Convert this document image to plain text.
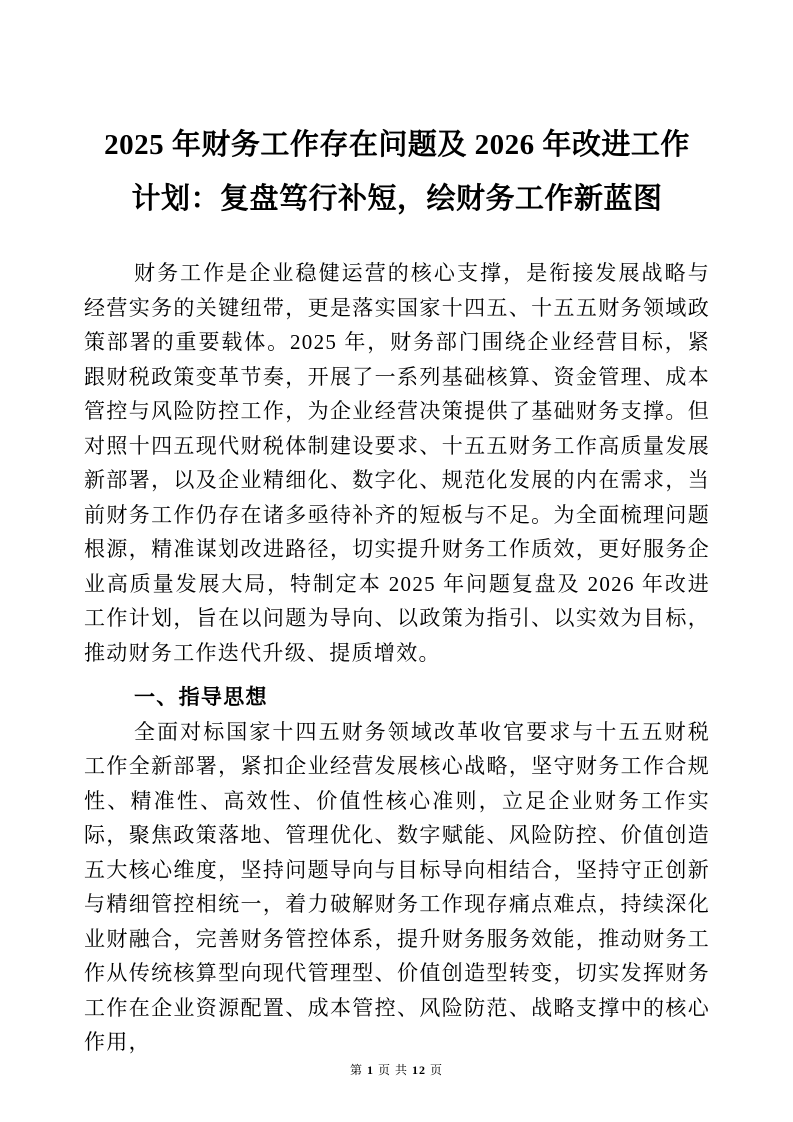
2025 年财务工作存在问题及 2026 年改进工作计划：复盘笃行补短，绘财务工作新蓝图

财务工作是企业稳健运营的核心支撑，是衔接发展战略与经营实务的关键纽带，更是落实国家十四五、十五五财务领域政策部署的重要载体。2025 年，财务部门围绕企业经营目标，紧跟财税政策变革节奏，开展了一系列基础核算、资金管理、成本管控与风险防控工作，为企业经营决策提供了基础财务支撑。但对照十四五现代财税体制建设要求、十五五财务工作高质量发展新部署，以及企业精细化、数字化、规范化发展的内在需求，当前财务工作仍存在诸多亟待补齐的短板与不足。为全面梳理问题根源，精准谋划改进路径，切实提升财务工作质效，更好服务企业高质量发展大局，特制定本 2025 年问题复盘及 2026 年改进工作计划，旨在以问题为导向、以政策为指引、以实效为目标，推动财务工作迭代升级、提质增效。

一、指导思想

全面对标国家十四五财务领域改革收官要求与十五五财税工作全新部署，紧扣企业经营发展核心战略，坚守财务工作合规性、精准性、高效性、价值性核心准则，立足企业财务工作实际，聚焦政策落地、管理优化、数字赋能、风险防控、价值创造五大核心维度，坚持问题导向与目标导向相结合，坚持守正创新与精细管控相统一，着力破解财务工作现存痛点难点，持续深化业财融合，完善财务管控体系，提升财务服务效能，推动财务工作从传统核算型向现代管理型、价值创造型转变，切实发挥财务工作在企业资源配置、成本管控、风险防范、战略支撑中的核心作用，

第 1 页 共 12 页
